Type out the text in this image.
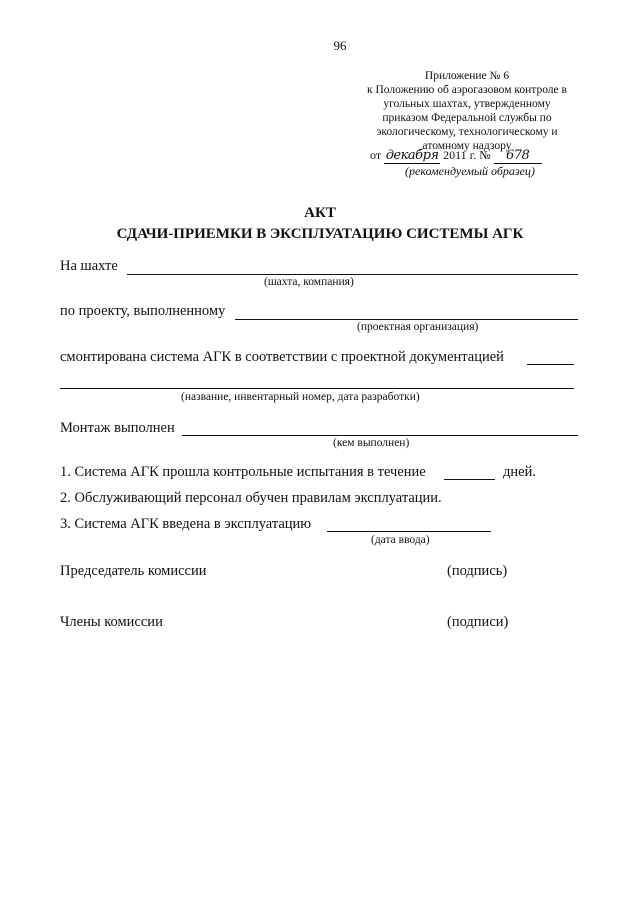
96
Приложение № 6
к Положению об аэрогазовом контроле в
угольных шахтах, утвержденному
приказом Федеральной службы по
экологическому, технологическому и
атомному надзору
от декабря 2011 г. № 678
(рекомендуемый образец)
АКТ
СДАЧИ-ПРИЕМКИ В ЭКСПЛУАТАЦИЮ СИСТЕМЫ АГК
На шахте
(шахта, компания)
по проекту, выполненному
(проектная организация)
смонтирована система АГК в соответствии с проектной документацией
(название, инвентарный номер, дата разработки)
Монтаж выполнен
(кем выполнен)
1. Система АГК прошла контрольные испытания в течение	дней.
2. Обслуживающий персонал обучен правилам эксплуатации.
3. Система АГК введена в эксплуатацию
(дата ввода)
Председатель комиссии	(подпись)
Члены комиссии	(подписи)
